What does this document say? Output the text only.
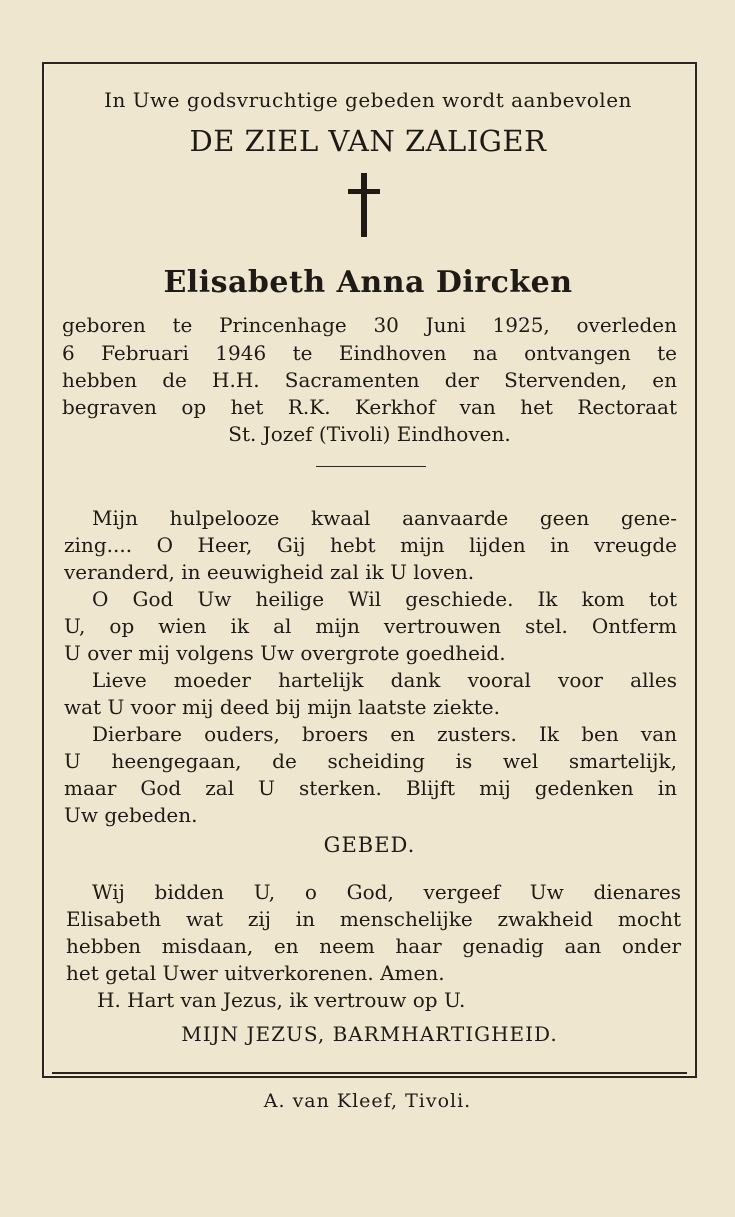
In Uwe godsvruchtige gebeden wordt aanbevolen
DE ZIEL VAN ZALIGER
Elisabeth Anna Dircken
geboren te Princenhage 30 Juni 1925, overleden
6 Februari 1946 te Eindhoven na ontvangen te
hebben de H.H. Sacramenten der Stervenden, en
begraven op het R.K. Kerkhof van het Rectoraat
St. Jozef (Tivoli) Eindhoven.
Mijn hulpelooze kwaal aanvaarde geen gene-
zing.... O Heer, Gij hebt mijn lijden in vreugde
veranderd, in eeuwigheid zal ik U loven.
O God Uw heilige Wil geschiede. Ik kom tot
U, op wien ik al mijn vertrouwen stel. Ontferm
U over mij volgens Uw overgrote goedheid.
Lieve moeder hartelijk dank vooral voor alles
wat U voor mij deed bij mijn laatste ziekte.
Dierbare ouders, broers en zusters. Ik ben van
U heengegaan, de scheiding is wel smartelijk,
maar God zal U sterken. Blijft mij gedenken in
Uw gebeden.
GEBED.
Wij bidden U, o God, vergeef Uw dienares
Elisabeth wat zij in menschelijke zwakheid mocht
hebben misdaan, en neem haar genadig aan onder
het getal Uwer uitverkorenen. Amen.
H. Hart van Jezus, ik vertrouw op U.
MIJN JEZUS, BARMHARTIGHEID.
A. van Kleef, Tivoli.
